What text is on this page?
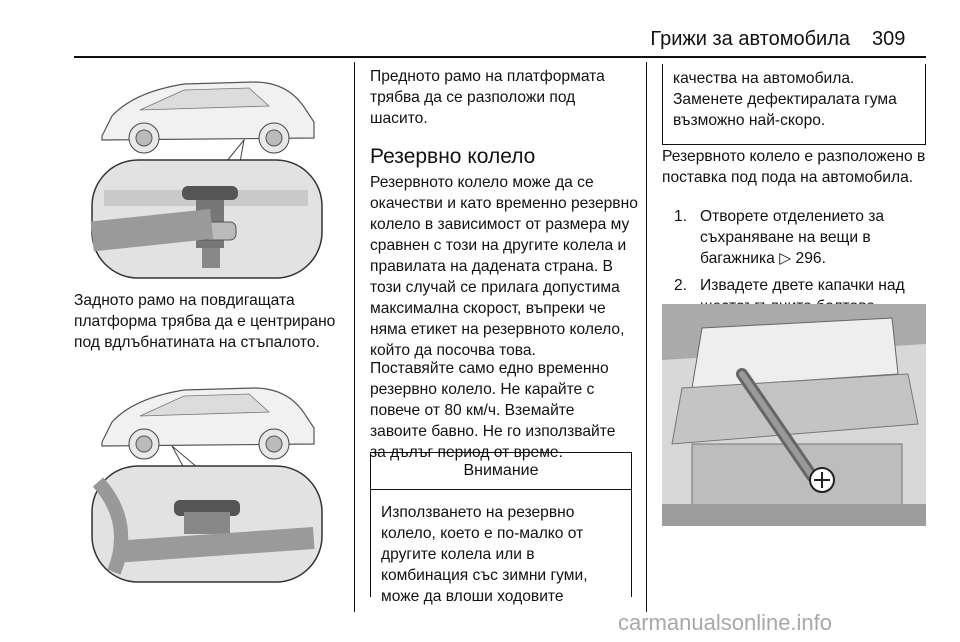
Грижи за автомобила 309

Задното рамо на повдигащата платформа трябва да е центрирано под вдлъбнатината на стъпалото.

Предното рамо на платформата трябва да се разположи под шасито.

Резервно колело

Резервното колело може да се окачестви и като временно резервно колело в зависимост от размера му сравнен с този на другите колела и правилата на дадената страна. В този случай се прилага допустима максимална скорост, въпреки че няма етикет на резервното колело, който да посочва това.

Поставяйте само едно временно резервно колело. Не карайте с повече от 80 км/ч. Вземайте завоите бавно. Не го използвайте за дълъг период от време.

Внимание
Използването на резервно колело, което е по-малко от другите колела или в комбинация със зимни гуми, може да влоши ходовите
качества на автомобила. Заменете дефектиралата гума възможно най-скоро.

Резервното колело е разположено в поставка под пода на автомобила.

1. Отворете отделението за съхраняване на вещи в багажника ▷ 296.
2. Извадете двете капачки над
carmanualsonline.info
